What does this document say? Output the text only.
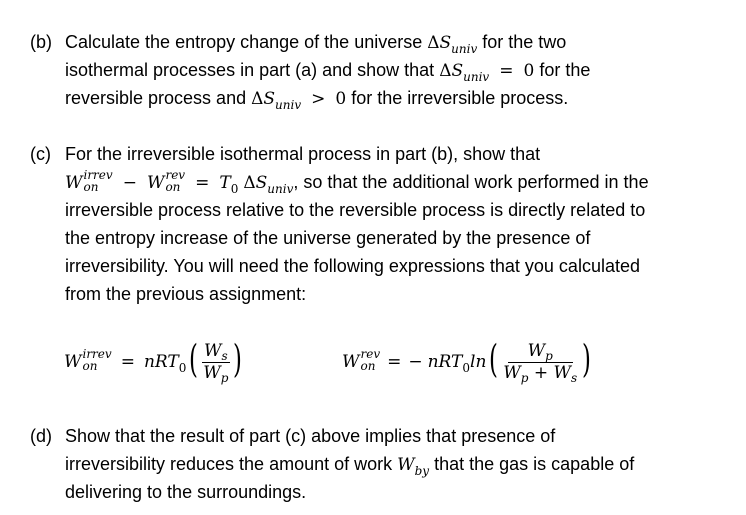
(b) Calculate the entropy change of the universe $\Delta S_{univ}$ for the two
isothermal processes in part (a) and show that $\Delta S_{univ} = 0$ for the
reversible process and $\Delta S_{univ} > 0$ for the irreversible process.
(c) For the irreversible isothermal process in part (b), show that
W irrev
on	− W rev
on = $T_0$ $\Delta S_{univ}$, so that the additional work performed in the
irreversible process relative to the reversible process is directly related to
the entropy increase of the universe generated by the presence of
irreversibility. You will need the following expressions that you calculated
from the previous assignment:
W irrev
on	= nRT 0 ( $\frac{W_s}{W_p}$ )	W rev
on = − nRT 0 ln ( $\frac{W_p}{W_p + W_s}$ )
(d) Show that the result of part (c) above implies that presence of
irreversibility reduces the amount of work $W_{by}$ that the gas is capable of
delivering to the surroundings.
